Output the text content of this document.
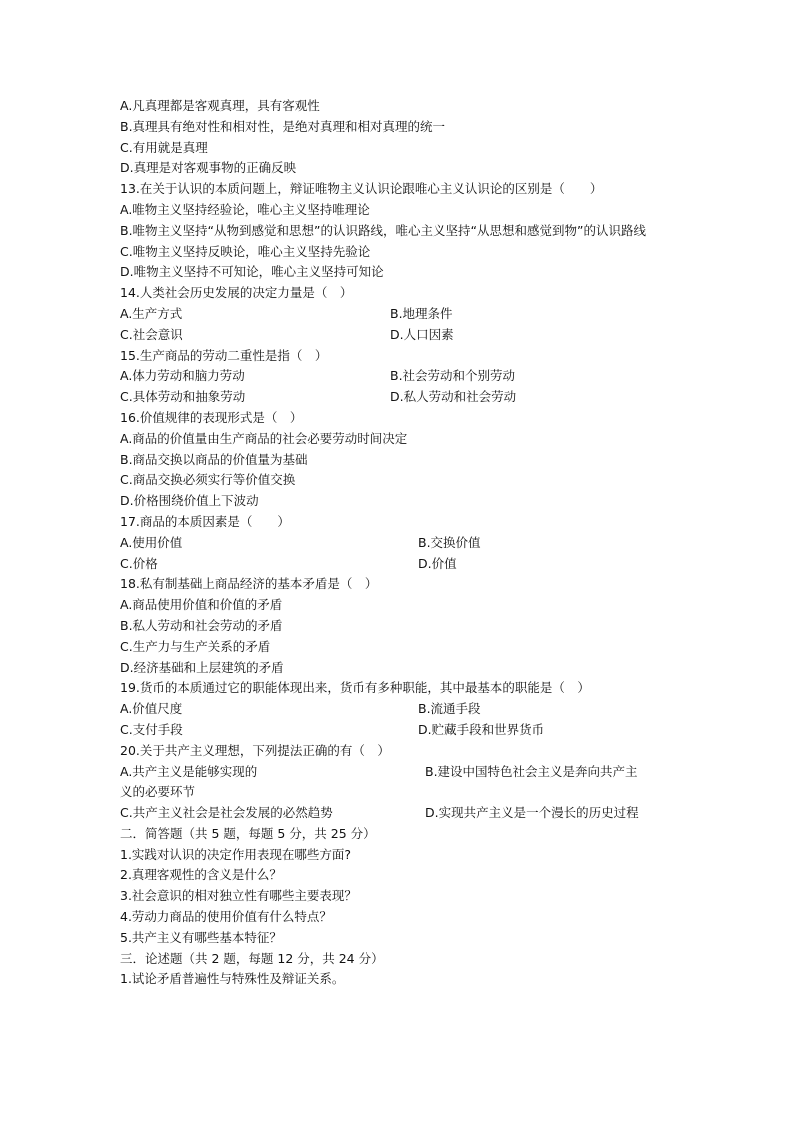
A.凡真理都是客观真理，具有客观性
B.真理具有绝对性和相对性，是绝对真理和相对真理的统一
C.有用就是真理
D.真理是对客观事物的正确反映
13.在关于认识的本质问题上，辩证唯物主义认识论跟唯心主义认识论的区别是（　　）
A.唯物主义坚持经验论，唯心主义坚持唯理论
B.唯物主义坚持“从物到感觉和思想”的认识路线，唯心主义坚持“从思想和感觉到物”的认识路线
C.唯物主义坚持反映论，唯心主义坚持先验论
D.唯物主义坚持不可知论，唯心主义坚持可知论
14.人类社会历史发展的决定力量是（　）
A.生产方式	B.地理条件
C.社会意识	D.人口因素
15.生产商品的劳动二重性是指（　）
A.体力劳动和脑力劳动	B.社会劳动和个别劳动
C.具体劳动和抽象劳动	D.私人劳动和社会劳动
16.价值规律的表现形式是（　）
A.商品的价值量由生产商品的社会必要劳动时间决定
B.商品交换以商品的价值量为基础
C.商品交换必须实行等价值交换
D.价格围绕价值上下波动
17.商品的本质因素是（　　）
A.使用价值	B.交换价值
C.价格	D.价值
18.私有制基础上商品经济的基本矛盾是（　）
A.商品使用价值和价值的矛盾
B.私人劳动和社会劳动的矛盾
C.生产力与生产关系的矛盾
D.经济基础和上层建筑的矛盾
19.货币的本质通过它的职能体现出来，货币有多种职能，其中最基本的职能是（　）
A.价值尺度	B.流通手段
C.支付手段	D.贮藏手段和世界货币
20.关于共产主义理想，下列提法正确的有（　）
A.共产主义是能够实现的	B.建设中国特色社会主义是奔向共产主
义的必要环节
C.共产主义社会是社会发展的必然趋势	D.实现共产主义是一个漫长的历史过程
二．简答题（共 5 题，每题 5 分，共 25 分）
1.实践对认识的决定作用表现在哪些方面?
2.真理客观性的含义是什么？
3.社会意识的相对独立性有哪些主要表现？
4.劳动力商品的使用价值有什么特点？
5.共产主义有哪些基本特征？
三．论述题（共 2 题，每题 12 分，共 24 分）
1.试论矛盾普遍性与特殊性及辩证关系。
